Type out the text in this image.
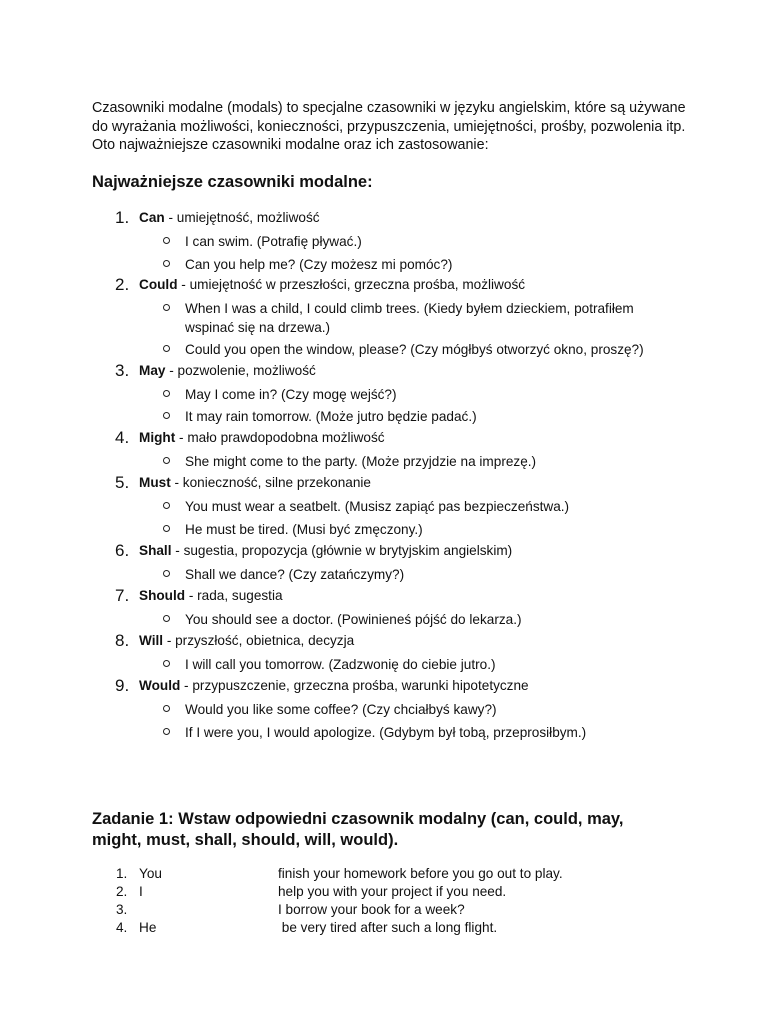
Czasowniki modalne (modals) to specjalne czasowniki w języku angielskim, które są używane do wyrażania możliwości, konieczności, przypuszczenia, umiejętności, prośby, pozwolenia itp. Oto najważniejsze czasowniki modalne oraz ich zastosowanie:
Najważniejsze czasowniki modalne:
1. Can - umiejętność, możliwość
I can swim. (Potrafię pływać.)
Can you help me? (Czy możesz mi pomóc?)
2. Could - umiejętność w przeszłości, grzeczna prośba, możliwość
When I was a child, I could climb trees. (Kiedy byłem dzieckiem, potrafiłem wspinać się na drzewa.)
Could you open the window, please? (Czy mógłbyś otworzyć okno, proszę?)
3. May - pozwolenie, możliwość
May I come in? (Czy mogę wejść?)
It may rain tomorrow. (Może jutro będzie padać.)
4. Might - mało prawdopodobna możliwość
She might come to the party. (Może przyjdzie na imprezę.)
5. Must - konieczność, silne przekonanie
You must wear a seatbelt. (Musisz zapiąć pas bezpieczeństwa.)
He must be tired. (Musi być zmęczony.)
6. Shall - sugestia, propozycja (głównie w brytyjskim angielskim)
Shall we dance? (Czy zatańczymy?)
7. Should - rada, sugestia
You should see a doctor. (Powinieneś pójść do lekarza.)
8. Will - przyszłość, obietnica, decyzja
I will call you tomorrow. (Zadzwonię do ciebie jutro.)
9. Would - przypuszczenie, grzeczna prośba, warunki hipotetyczne
Would you like some coffee? (Czy chciałbyś kawy?)
If I were you, I would apologize. (Gdybym był tobą, przeprosiłbym.)
Zadanie 1: Wstaw odpowiedni czasownik modalny (can, could, may, might, must, shall, should, will, would).
1. You	finish your homework before you go out to play.
2. I	help you with your project if you need.
3.	I borrow your book for a week?
4. He	be very tired after such a long flight.
